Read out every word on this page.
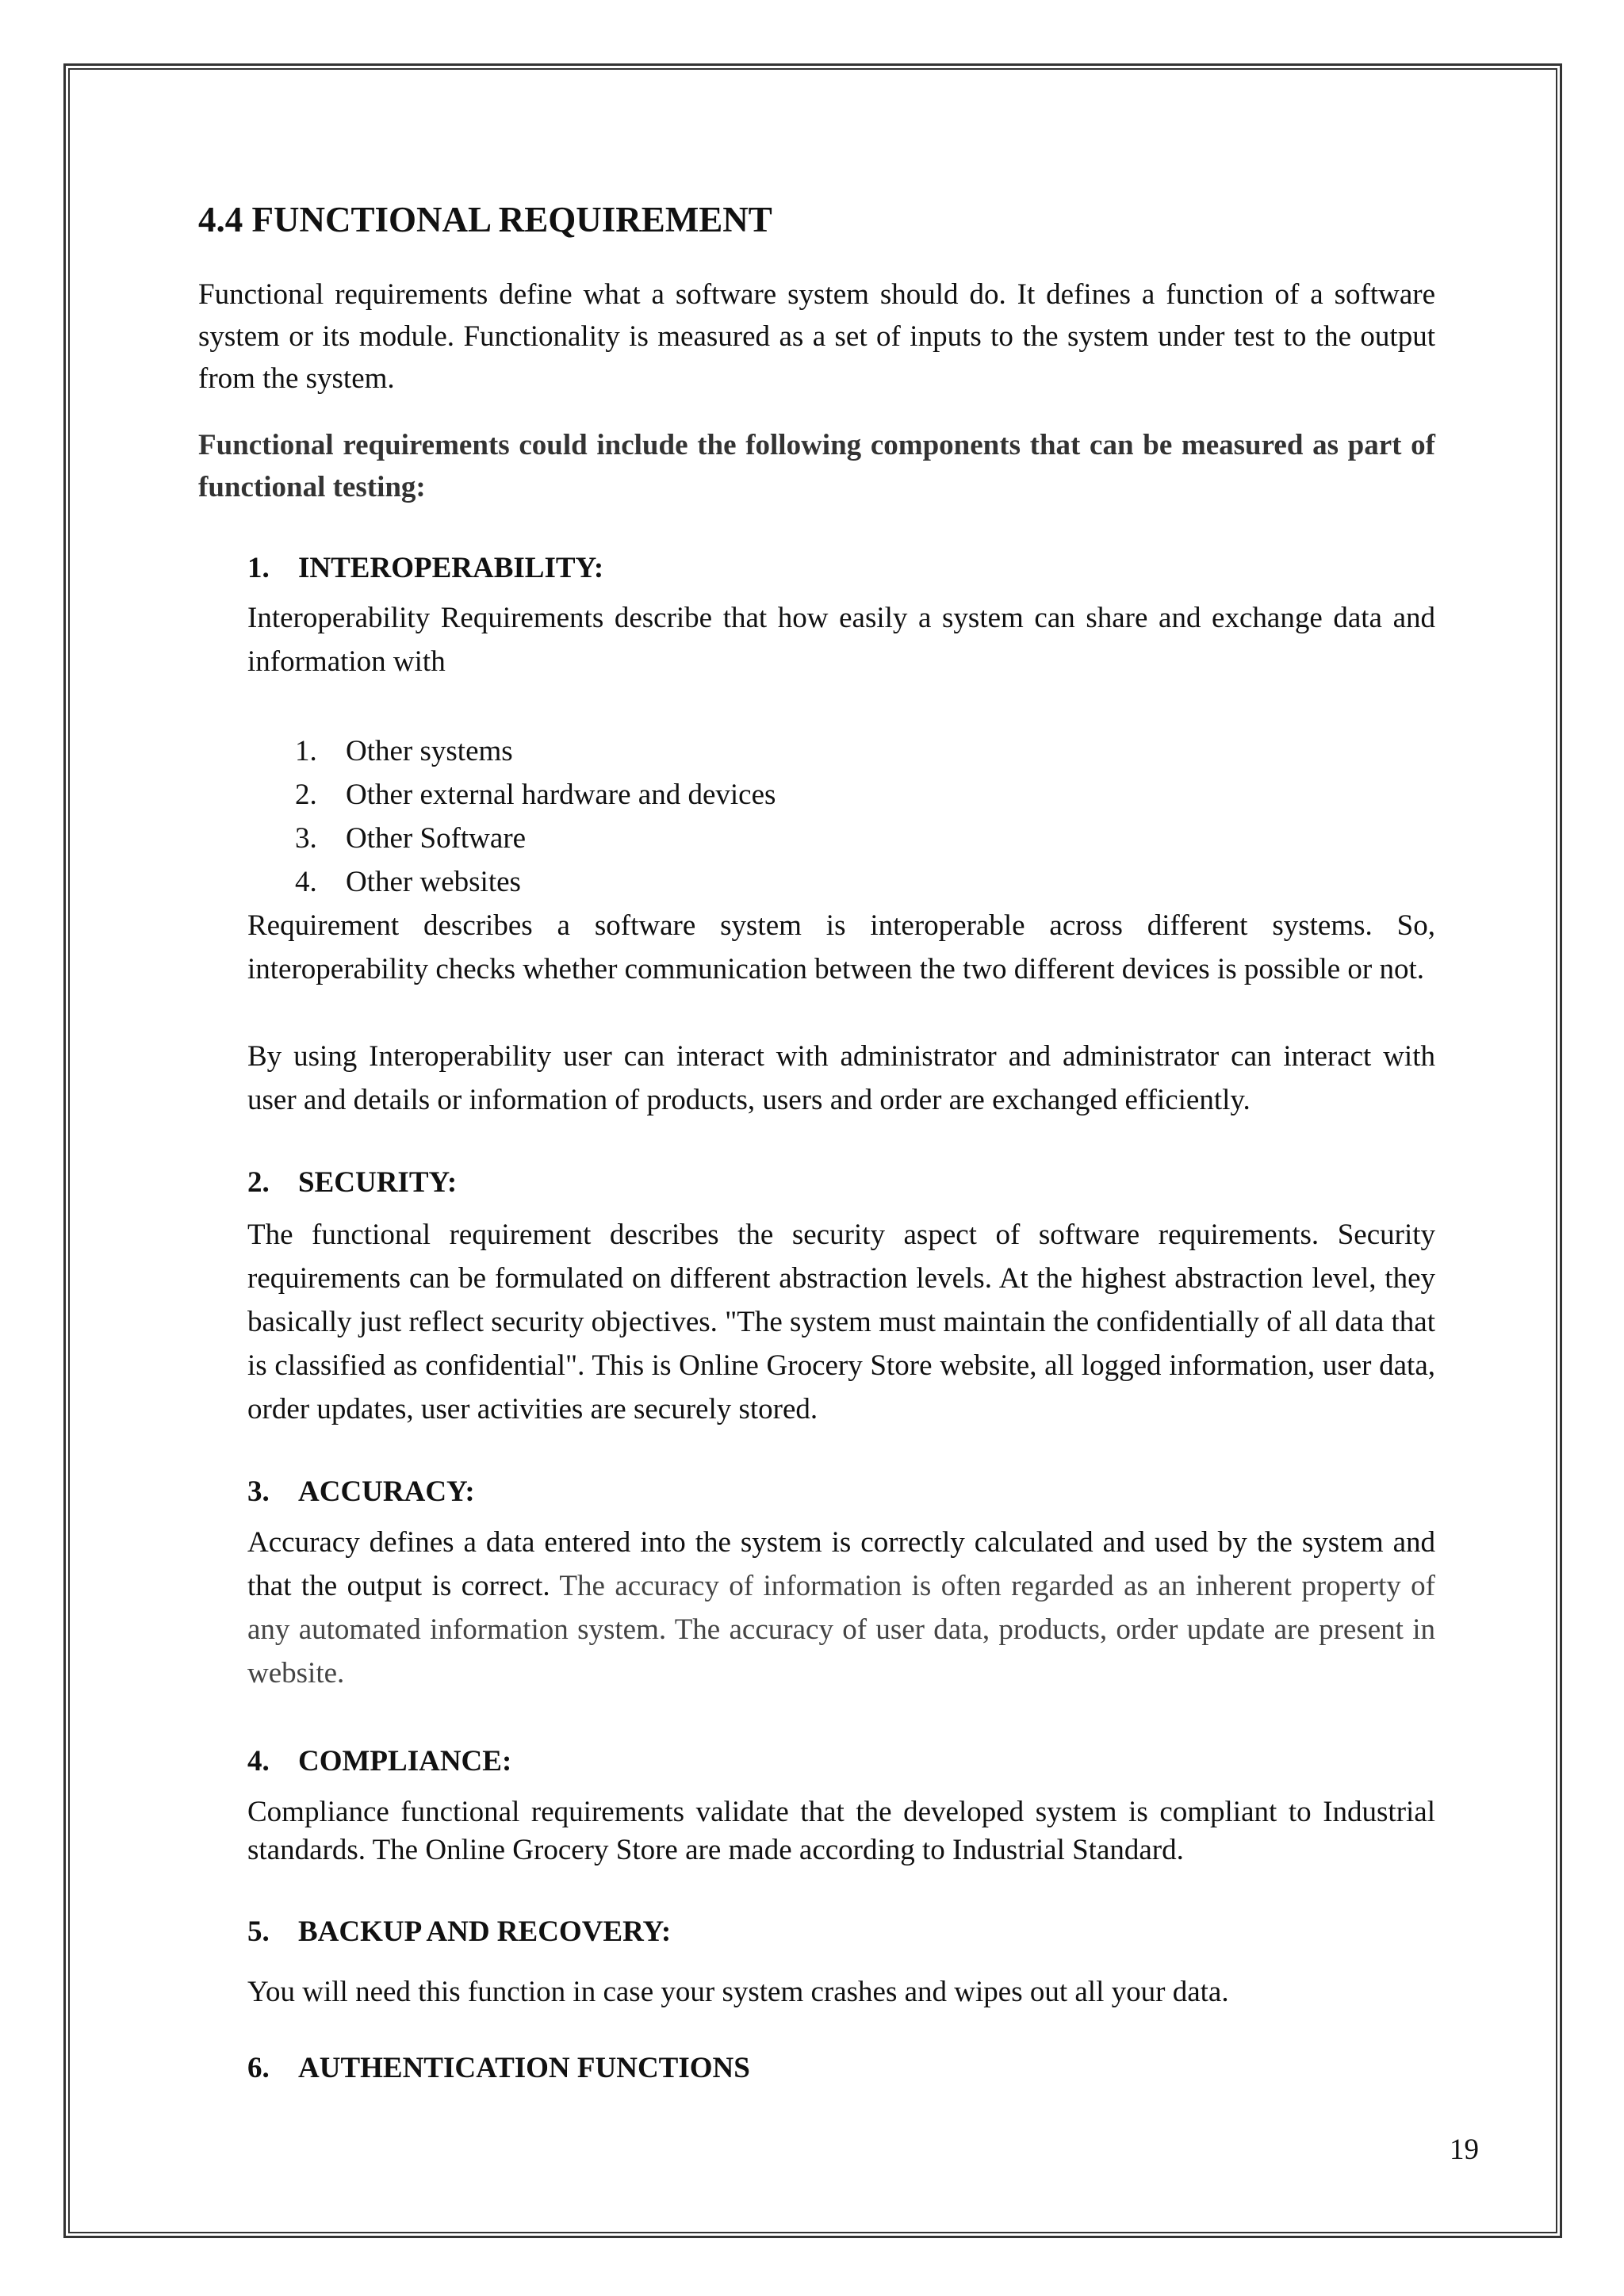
4.4 FUNCTIONAL REQUIREMENT

Functional requirements define what a software system should do. It defines a function of a software system or its module. Functionality is measured as a set of inputs to the system under test to the output from the system.

Functional requirements could include the following components that can be measured as part of functional testing:

1. INTEROPERABILITY:

Interoperability Requirements describe that how easily a system can share and exchange data and information with

1. Other systems
2. Other external hardware and devices
3. Other Software
4. Other websites

Requirement describes a software system is interoperable across different systems. So, interoperability checks whether communication between the two different devices is possible or not.

By using Interoperability user can interact with administrator and administrator can interact with user and details or information of products, users and order are exchanged efficiently.

2. SECURITY:

The functional requirement describes the security aspect of software requirements. Security requirements can be formulated on different abstraction levels. At the highest abstraction level, they basically just reflect security objectives. "The system must maintain the confidentially of all data that is classified as confidential". This is Online Grocery Store website, all logged information, user data, order updates, user activities are securely stored.

3. ACCURACY:

Accuracy defines a data entered into the system is correctly calculated and used by the system and that the output is correct. The accuracy of information is often regarded as an inherent property of any automated information system. The accuracy of user data, products, order update are present in website.

4. COMPLIANCE:

Compliance functional requirements validate that the developed system is compliant to Industrial standards. The Online Grocery Store are made according to Industrial Standard.

5. BACKUP AND RECOVERY:

You will need this function in case your system crashes and wipes out all your data.

6. AUTHENTICATION FUNCTIONS
19
